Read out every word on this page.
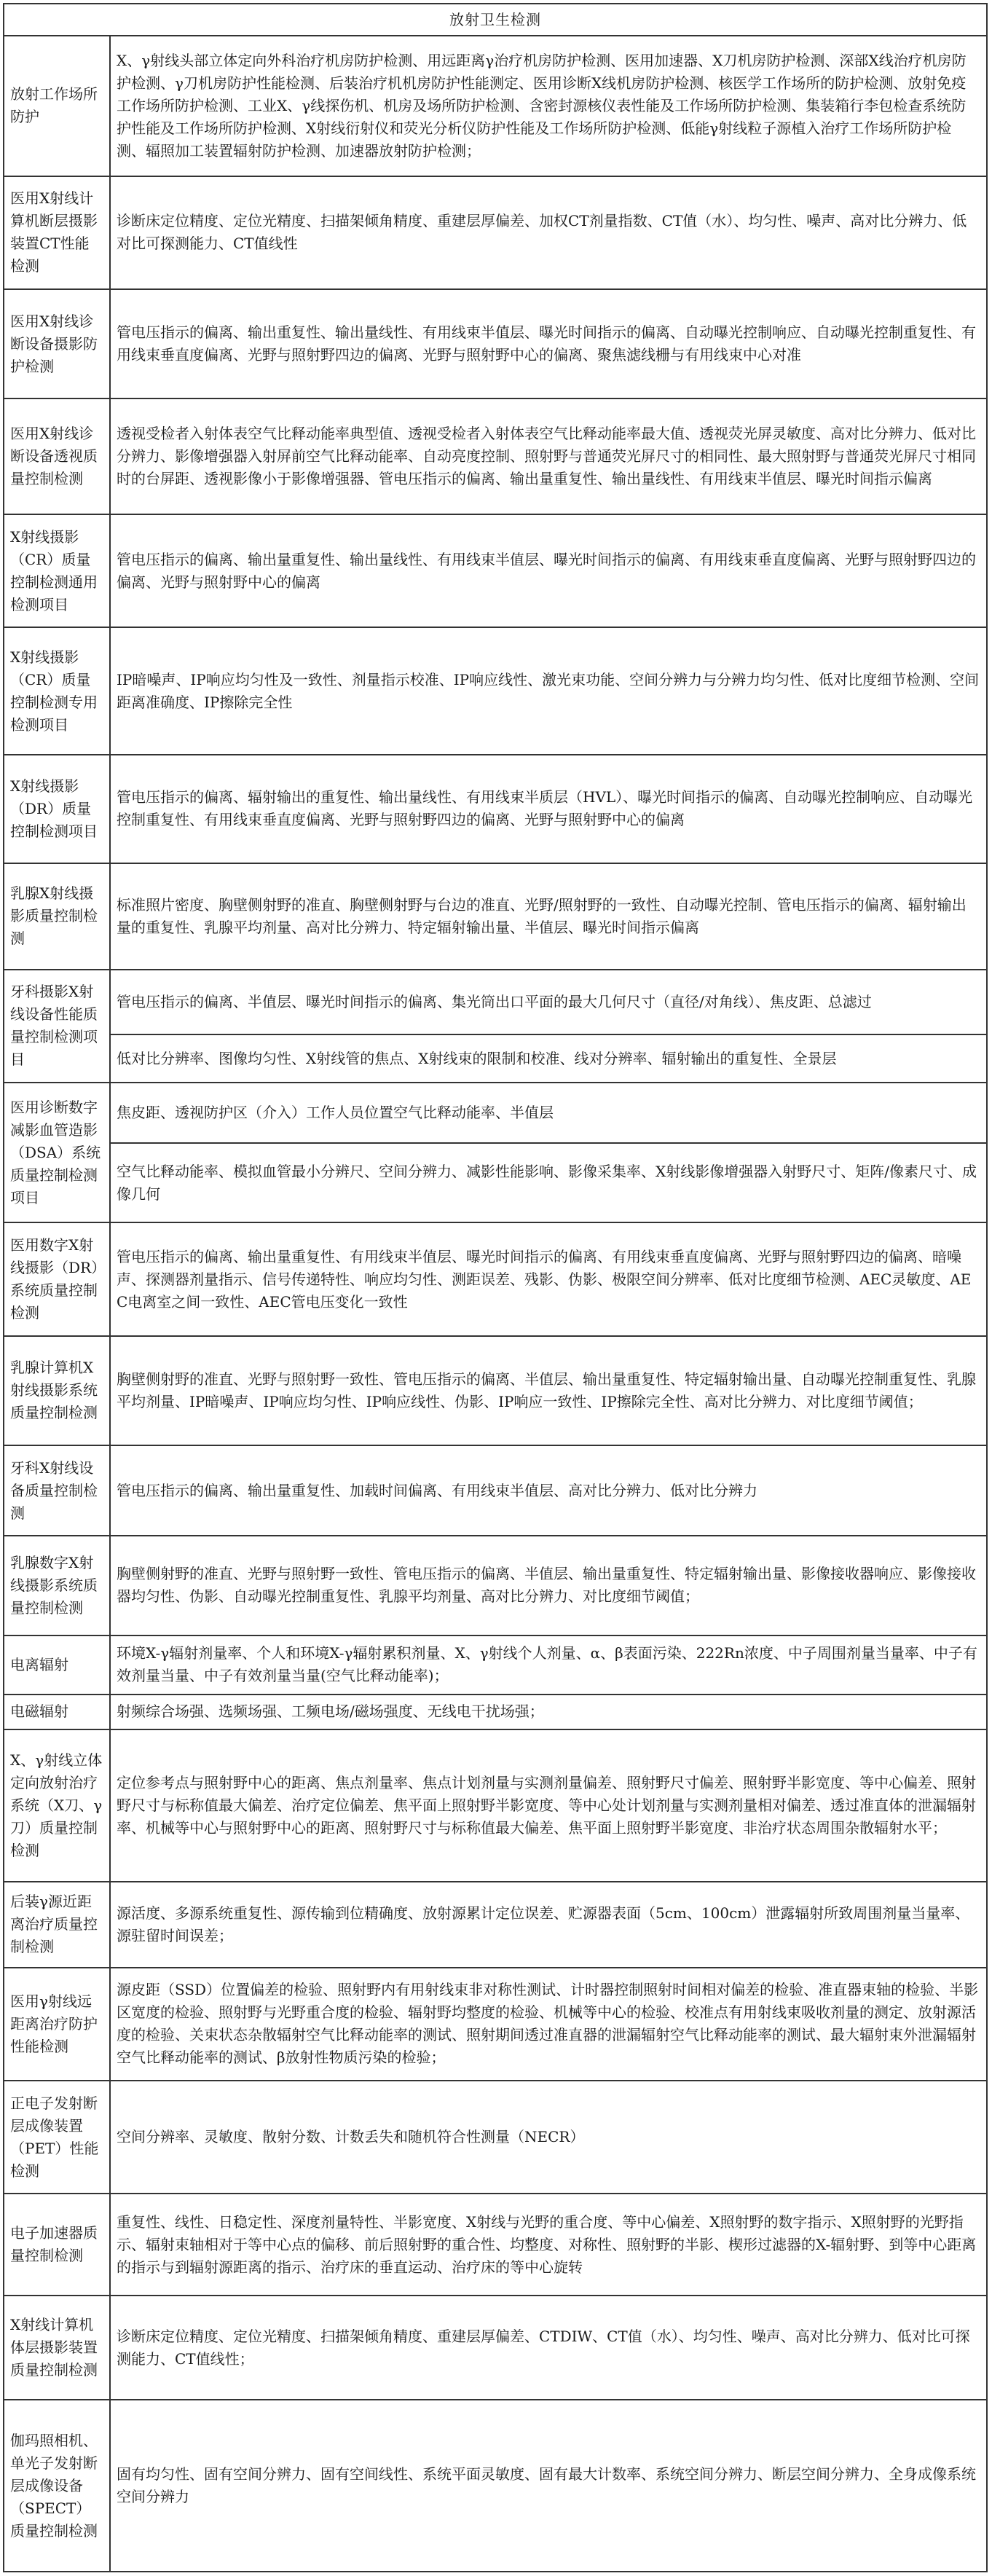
放射卫生检测	
放射工作场所防护	X、γ射线头部立体定向外科治疗机房防护检测、用远距离γ治疗机房防护检测、医用加速器、X刀机房防护检测、深部X线治疗机房防护检测、γ刀机房防护性能检测、后装治疗机机房防护性能测定、医用诊断X线机房防护检测、核医学工作场所的防护检测、放射免疫工作场所防护检测、工业X、γ线探伤机、机房及场所防护检测、含密封源核仪表性能及工作场所防护检测、集装箱行李包检查系统防护性能及工作场所防护检测、X射线衍射仪和荧光分析仪防护性能及工作场所防护检测、低能γ射线粒子源植入治疗工作场所防护检测、辐照加工装置辐射防护检测、加速器放射防护检测；
医用X射线计算机断层摄影装置CT性能检测	诊断床定位精度、定位光精度、扫描架倾角精度、重建层厚偏差、加权CT剂量指数、CT值（水）、均匀性、噪声、高对比分辨力、低对比可探测能力、CT值线性
医用X射线诊断设备摄影防护检测	管电压指示的偏离、输出重复性、输出量线性、有用线束半值层、曝光时间指示的偏离、自动曝光控制响应、自动曝光控制重复性、有用线束垂直度偏离、光野与照射野四边的偏离、光野与照射野中心的偏离、聚焦滤线栅与有用线束中心对准
医用X射线诊断设备透视质量控制检测	透视受检者入射体表空气比释动能率典型值、透视受检者入射体表空气比释动能率最大值、透视荧光屏灵敏度、高对比分辨力、低对比分辨力、影像增强器入射屏前空气比释动能率、自动亮度控制、照射野与普通荧光屏尺寸的相同性、最大照射野与普通荧光屏尺寸相同时的台屏距、透视影像小于影像增强器、管电压指示的偏离、输出量重复性、输出量线性、有用线束半值层、曝光时间指示偏离
X射线摄影（CR）质量控制检测通用检测项目	管电压指示的偏离、输出量重复性、输出量线性、有用线束半值层、曝光时间指示的偏离、有用线束垂直度偏离、光野与照射野四边的偏离、光野与照射野中心的偏离
X射线摄影（CR）质量控制检测专用检测项目	IP暗噪声、IP响应均匀性及一致性、剂量指示校准、IP响应线性、激光束功能、空间分辨力与分辨力均匀性、低对比度细节检测、空间距离准确度、IP擦除完全性
X射线摄影（DR）质量控制检测项目	管电压指示的偏离、辐射输出的重复性、输出量线性、有用线束半质层（HVL）、曝光时间指示的偏离、自动曝光控制响应、自动曝光控制重复性、有用线束垂直度偏离、光野与照射野四边的偏离、光野与照射野中心的偏离
乳腺X射线摄影质量控制检测	标准照片密度、胸壁侧射野的准直、胸壁侧射野与台边的准直、光野/照射野的一致性、自动曝光控制、管电压指示的偏离、辐射输出量的重复性、乳腺平均剂量、高对比分辨力、特定辐射输出量、半值层、曝光时间指示偏离
牙科摄影X射线设备性能质量控制检测项目	管电压指示的偏离、半值层、曝光时间指示的偏离、集光筒出口平面的最大几何尺寸（直径/对角线）、焦皮距、总滤过
	低对比分辨率、图像均匀性、X射线管的焦点、X射线束的限制和校准、线对分辨率、辐射输出的重复性、全景层
医用诊断数字减影血管造影（DSA）系统质量控制检测项目	焦皮距、透视防护区（介入）工作人员位置空气比释动能率、半值层
	空气比释动能率、模拟血管最小分辨尺、空间分辨力、减影性能影响、影像采集率、X射线影像增强器入射野尺寸、矩阵/像素尺寸、成像几何
医用数字X射线摄影（DR）系统质量控制检测	管电压指示的偏离、输出量重复性、有用线束半值层、曝光时间指示的偏离、有用线束垂直度偏离、光野与照射野四边的偏离、暗噪声、探测器剂量指示、信号传递特性、响应均匀性、测距误差、残影、伪影、极限空间分辨率、低对比度细节检测、AEC灵敏度、AEC电离室之间一致性、AEC管电压变化一致性
乳腺计算机X射线摄影系统质量控制检测	胸壁侧射野的准直、光野与照射野一致性、管电压指示的偏离、半值层、输出量重复性、特定辐射输出量、自动曝光控制重复性、乳腺平均剂量、IP暗噪声、IP响应均匀性、IP响应线性、伪影、IP响应一致性、IP擦除完全性、高对比分辨力、对比度细节阈值；
牙科X射线设备质量控制检测	管电压指示的偏离、输出量重复性、加载时间偏离、有用线束半值层、高对比分辨力、低对比分辨力
乳腺数字X射线摄影系统质量控制检测	胸壁侧射野的准直、光野与照射野一致性、管电压指示的偏离、半值层、输出量重复性、特定辐射输出量、影像接收器响应、影像接收器均匀性、伪影、自动曝光控制重复性、乳腺平均剂量、高对比分辨力、对比度细节阈值；
电离辐射	环境X-γ辐射剂量率、个人和环境X-γ辐射累积剂量、X、γ射线个人剂量、α、β表面污染、222Rn浓度、中子周围剂量当量率、中子有效剂量当量、中子有效剂量当量(空气比释动能率)；
电磁辐射	射频综合场强、选频场强、工频电场/磁场强度、无线电干扰场强；
X、γ射线立体定向放射治疗系统（X刀、γ刀）质量控制检测	定位参考点与照射野中心的距离、焦点剂量率、焦点计划剂量与实测剂量偏差、照射野尺寸偏差、照射野半影宽度、等中心偏差、照射野尺寸与标称值最大偏差、治疗定位偏差、焦平面上照射野半影宽度、等中心处计划剂量与实测剂量相对偏差、透过准直体的泄漏辐射率、机械等中心与照射野中心的距离、照射野尺寸与标称值最大偏差、焦平面上照射野半影宽度、非治疗状态周围杂散辐射水平；
后装γ源近距离治疗质量控制检测	源活度、多源系统重复性、源传输到位精确度、放射源累计定位误差、贮源器表面（5cm、100cm）泄露辐射所致周围剂量当量率、源驻留时间误差；
医用γ射线远距离治疗防护性能检测	源皮距（SSD）位置偏差的检验、照射野内有用射线束非对称性测试、计时器控制照射时间相对偏差的检验、准直器束轴的检验、半影区宽度的检验、照射野与光野重合度的检验、辐射野均整度的检验、机械等中心的检验、校准点有用射线束吸收剂量的测定、放射源活度的检验、关束状态杂散辐射空气比释动能率的测试、照射期间透过准直器的泄漏辐射空气比释动能率的测试、最大辐射束外泄漏辐射空气比释动能率的测试、β放射性物质污染的检验；
正电子发射断层成像装置（PET）性能检测	空间分辨率、灵敏度、散射分数、计数丢失和随机符合性测量（NECR）
电子加速器质量控制检测	重复性、线性、日稳定性、深度剂量特性、半影宽度、X射线与光野的重合度、等中心偏差、X照射野的数字指示、X照射野的光野指示、辐射束轴相对于等中心点的偏移、前后照射野的重合性、均整度、对称性、照射野的半影、楔形过滤器的X-辐射野、到等中心距离的指示与到辐射源距离的指示、治疗床的垂直运动、治疗床的等中心旋转
X射线计算机体层摄影装置质量控制检测	诊断床定位精度、定位光精度、扫描架倾角精度、重建层厚偏差、CTDIW、CT值（水）、均匀性、噪声、高对比分辨力、低对比可探测能力、CT值线性；
伽玛照相机、单光子发射断层成像设备（SPECT）质量控制检测	固有均匀性、固有空间分辨力、固有空间线性、系统平面灵敏度、固有最大计数率、系统空间分辨力、断层空间分辨力、全身成像系统空间分辨力
